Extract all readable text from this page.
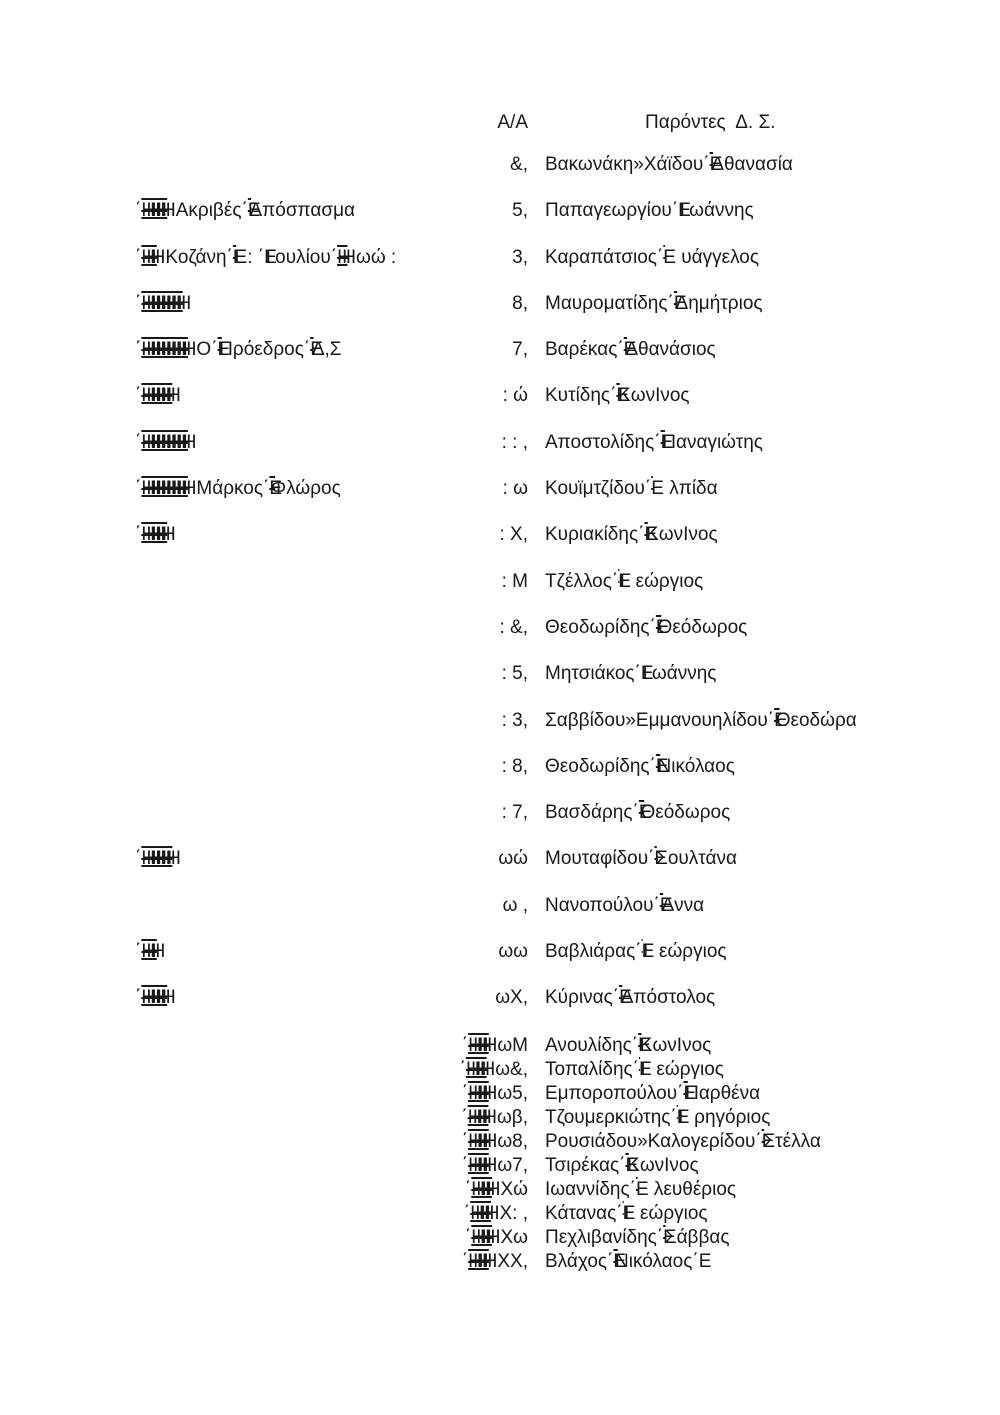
Α/Α	Παρόντες  Δ. Σ.
&, Βακωνάκη»Χάϊδου΄ΕΑ θανασία
΄ΗΗΗΗΗ Ακριβές΄ΕΑ πόσπασμα	5, Παπαγεωργίου΄ ωάννης
΄ΗΗΗ Κοζάνη΄ΕΕ : ΄ ουλίου΄ΗΗ ωώ :	3, Καραπάτσιος΄Ε υάγγελος
΄ΗΗΗΗΗΗΗΗ	8, Μαυροματίδης΄ΕΔ ημήτριος
΄ΗΗΗΗΗΗΗΗΗ Ο΄ΕΠ ρόεδρος΄ΕΔ ,Σ	7, Βαρέκας΄ΕΑ θανάσιος
΄ΗΗΗΗΗΗ	: ώ Κυτίδης΄ΕΚ ωνΙνος
΄ΗΗΗΗΗΗΗΗΗ	: : , Αποστολίδης΄ΕΠ αναγιώτης
΄ΗΗΗΗΗΗΗΗΗ Μάρκος΄ΕΦ λώρος	: ω Κουϊμτζίδου΄Ε λπίδα
΄ΗΗΗΗΗ	: Χ, Κυριακίδης΄ΕΚ ωνΙνος
: Μ Τζέλλος΄ΕΓ εώργιος
: &, Θεοδωρίδης΄ΕΘ εόδωρος
: 5, Μητσιάκος΄ ωάννης
: 3, Σαββίδου»Εμμανουηλίδου΄ΕΘ εοδώρα
: 8, Θεοδωρίδης΄ΕΝ ικόλαος
: 7, Βασδάρης΄ΕΘ εόδωρος
΄ΗΗΗΗΗΗ	ωώ Μουταφίδου΄ΕΣ ουλτάνα
ω , Νανοπούλου΄ΕΑ ννα
΄ΗΗΗ	ωω Βαβλιάρας΄ΕΓ εώργιος
΄ΗΗΗΗΗ	ωΧ, Κύρινας΄ΕΑ πόστολος
΄ΗΗΗΗ ωΜ Ανουλίδης΄ΕΚ ωνΙνος
΄ΗΗΗΗ ω&, Τοπαλίδης΄ΕΓ εώργιος
΄ΗΗΗΗ ω5, Εμποροπούλου΄ΕΠ αρθένα
΄ΗΗΗΗ ωβ, Τζουμερκιώτης΄ΕΓ ρηγόριος
΄ΗΗΗΗ ω8, Ρουσιάδου»Καλογερίδου΄ΕΣ τέλλα
΄ΗΗΗΗ ω7, Τσιρέκας΄ΕΚ ωνΙνος
΄ΗΗΗΗ Χώ Ιωαννίδης΄Ε λευθέριος
΄ΗΗΗΗ Χ: , Κάτανας΄ΕΓ εώργιος
΄ΗΗΗΗ Χω Πεχλιβανίδης΄ΕΣ άββας
΄ΗΗΗΗ ΧΧ, Βλάχος΄ΕΝ ικόλαος΄Ε
